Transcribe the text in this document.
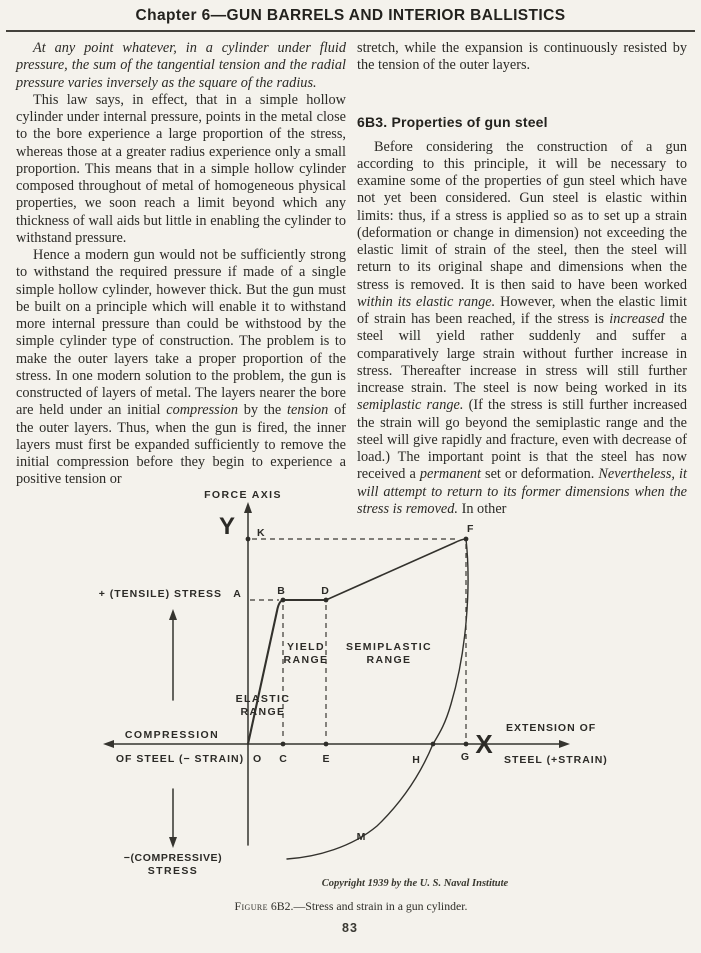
Chapter 6—GUN BARRELS AND INTERIOR BALLISTICS

At any point whatever, in a cylinder under fluid pressure, the sum of the tangential tension and the radial pressure varies inversely as the square of the radius.

This law says, in effect, that in a simple hollow cylinder under internal pressure, points in the metal close to the bore experience a large proportion of the stress, whereas those at a greater radius experience only a small proportion. This means that in a simple hollow cylinder composed throughout of metal of homogeneous physical properties, we soon reach a limit beyond which any thickness of wall aids but little in enabling the cylinder to withstand pressure.

Hence a modern gun would not be sufficiently strong to withstand the required pressure if made of a single simple hollow cylinder, however thick. But the gun must be built on a principle which will enable it to withstand more internal pressure than could be withstood by the simple cylinder type of construction. The problem is to make the outer layers take a proper proportion of the stress. In one modern solution to the problem, the gun is constructed of layers of metal. The layers nearer the bore are held under an initial compression by the tension of the outer layers. Thus, when the gun is fired, the inner layers must first be expanded sufficiently to remove the initial compression before they begin to experience a positive tension or

stretch, while the expansion is continuously resisted by the tension of the outer layers.

6B3. Properties of gun steel

Before considering the construction of a gun according to this principle, it will be necessary to examine some of the properties of gun steel which have not yet been considered. Gun steel is elastic within limits: thus, if a stress is applied so as to set up a strain (deformation or change in dimension) not exceeding the elastic limit of strain of the steel, then the steel will return to its original shape and dimensions when the stress is removed. It is then said to have been worked within its elastic range. However, when the elastic limit of strain has been reached, if the stress is increased the steel will yield rather suddenly and suffer a comparatively large strain without further increase in stress. Thereafter increase in stress will still further increase strain. The steel is now being worked in its semiplastic range. (If the stress is still further increased the strain will go beyond the semiplastic range and the steel will give rapidly and fracture, even with decrease of load.) The important point is that the steel has now received a permanent set or deformation. Nevertheless, it will attempt to return to its former dimensions when the stress is removed. In other

FORCE AXIS
Y K	F
+ (TENSILE) STRESS A	B	D
YIELD
RANGE
SEMIPLASTIC
RANGE
ELASTIC
RANGE
COMPRESSION
OF STEEL (− STRAIN) O C	E	H	G X
EXTENSION OF
STEEL (+STRAIN)
−(COMPRESSIVE)
STRESS
M
Copyright 1939 by the U. S. Naval Institute
Figure 6B2.—Stress and strain in a gun cylinder.
83
